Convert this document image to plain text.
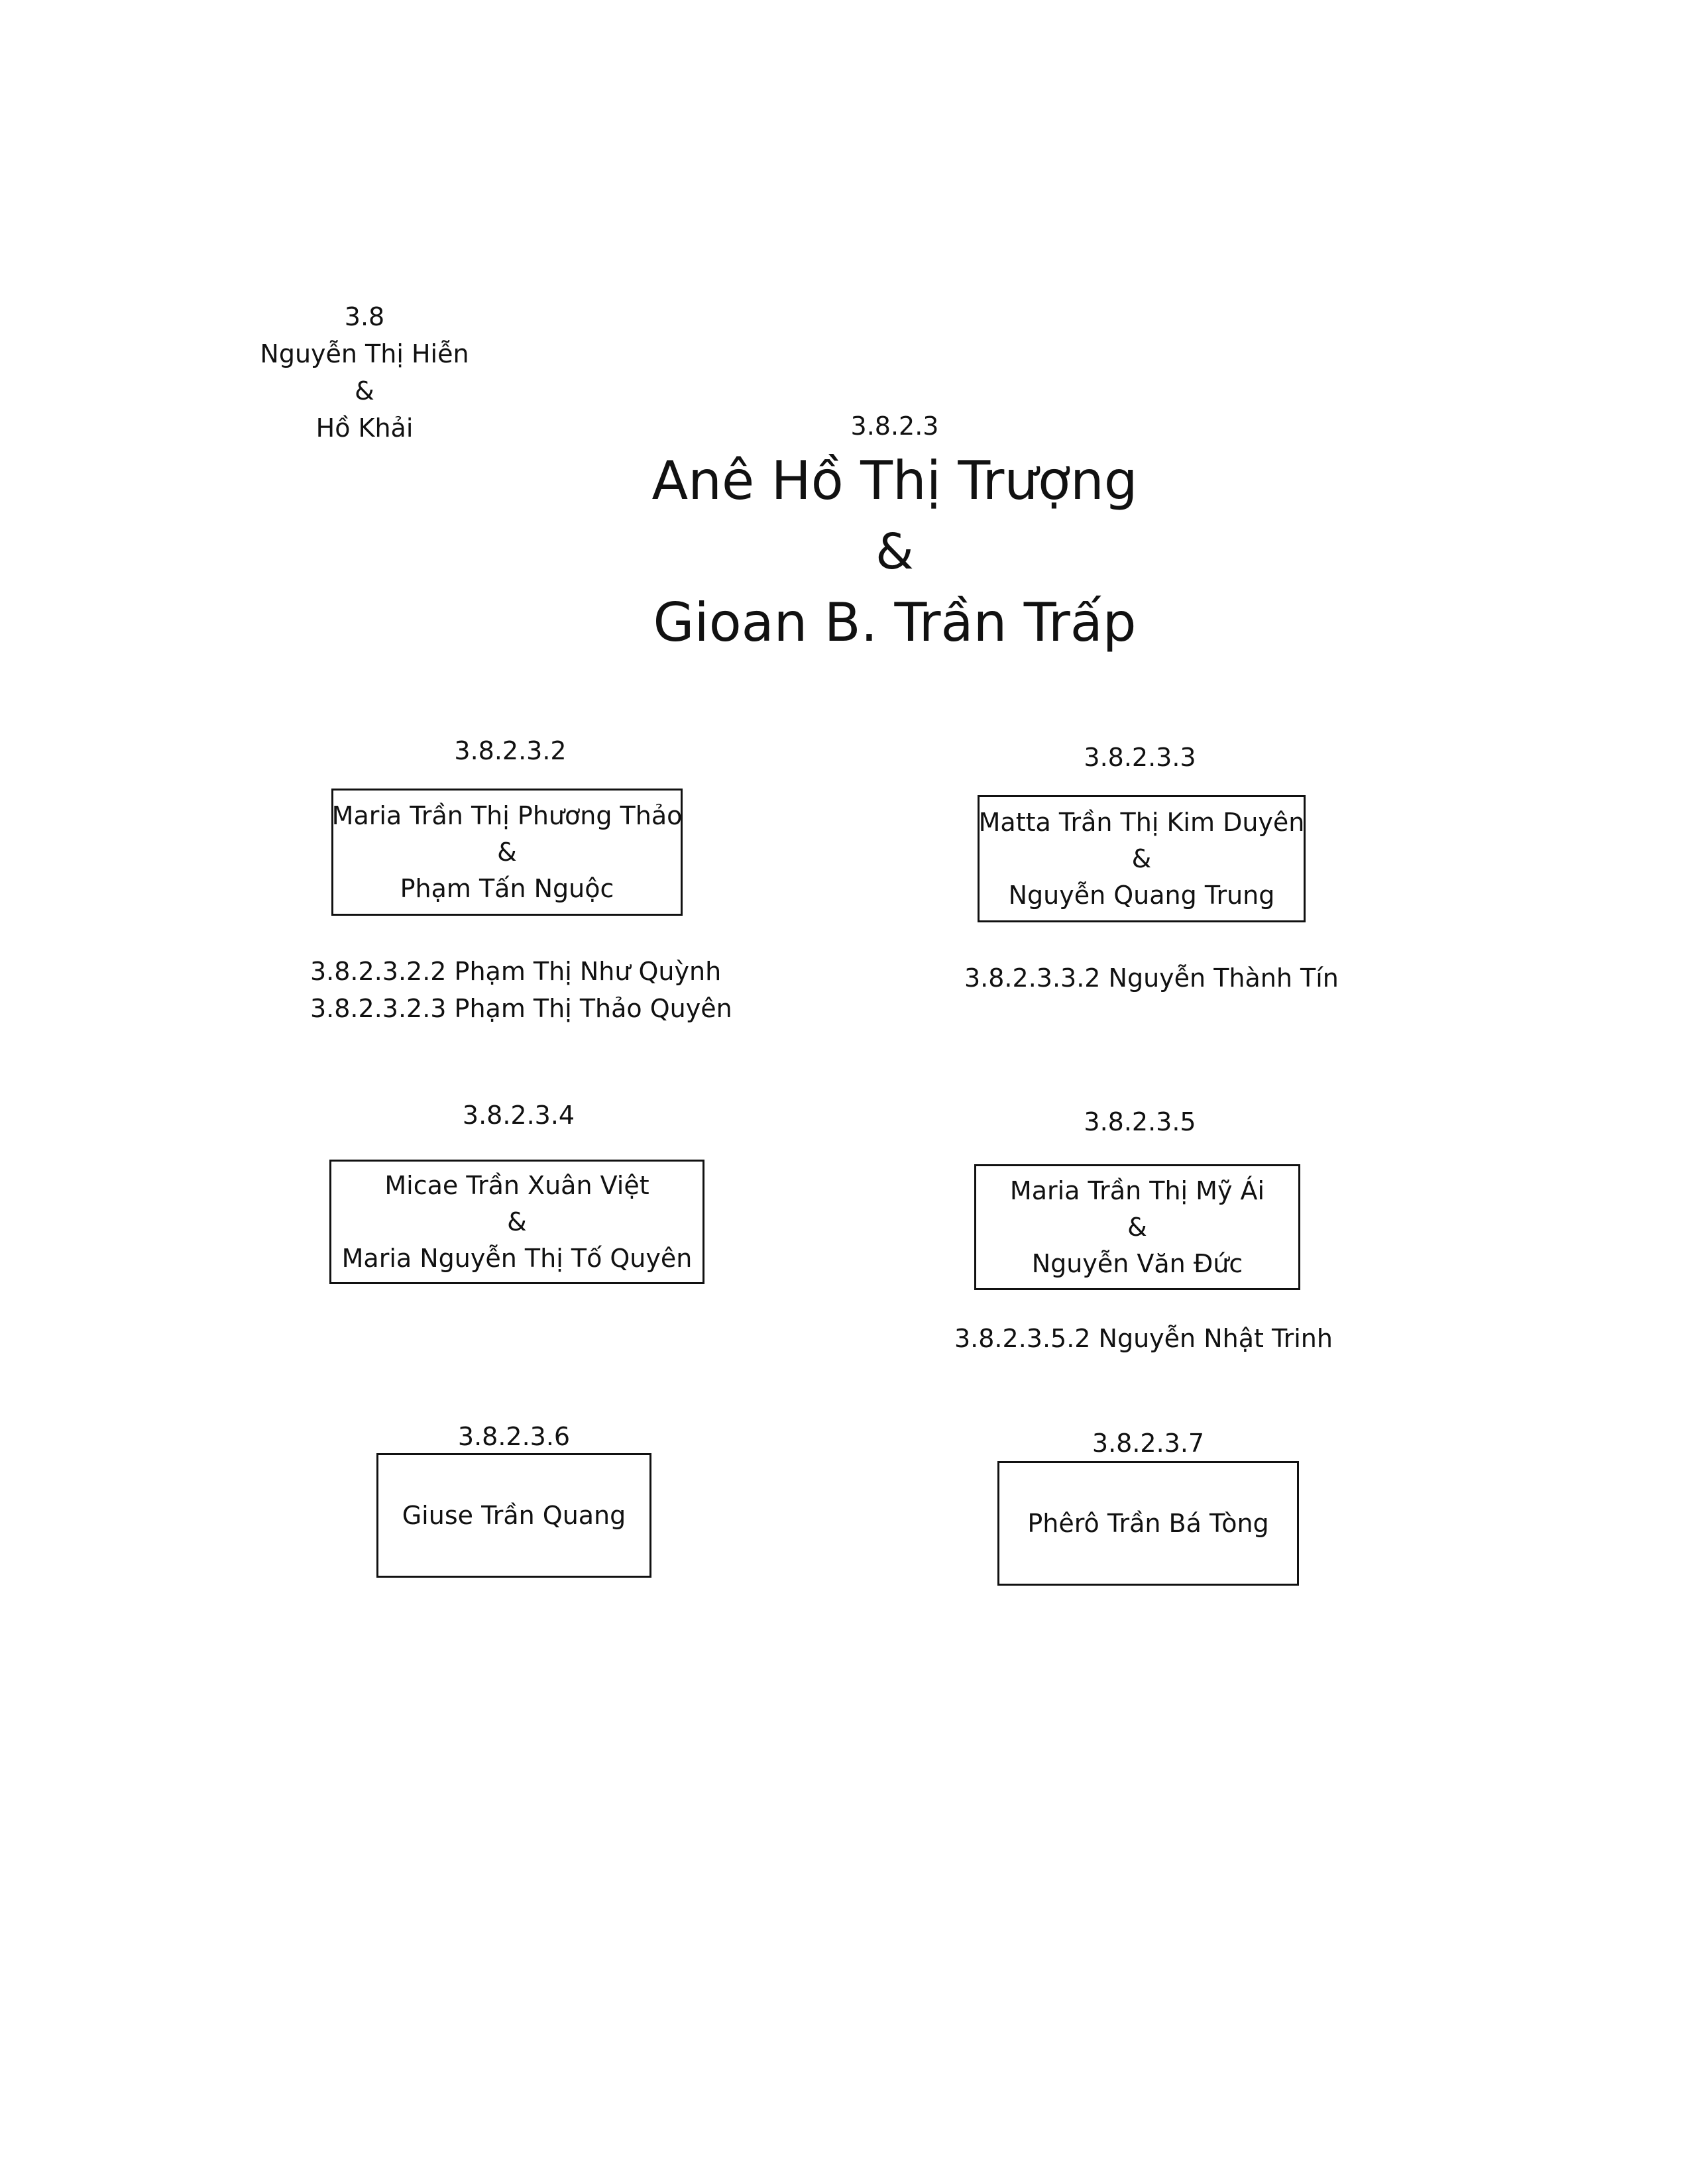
3.8
Nguyễn Thị Hiễn
&
Hồ Khải	3.8.2.3
Anê Hồ Thị Trượng
&
Gioan B. Trần Trấp
3.8.2.3.2
Maria Trần Thị Phương Thảo
&
Phạm Tấn Nguộc
3.8.2.3.2.2 Phạm Thị Như Quỳnh
3.8.2.3.2.3 Phạm Thị Thảo Quyên
3.8.2.3.3
Matta Trần Thị Kim Duyên
&
Nguyễn Quang Trung
3.8.2.3.3.2 Nguyễn Thành Tín
3.8.2.3.4
Micae Trần Xuân Việt
&
Maria Nguyễn Thị Tố Quyên
3.8.2.3.5
Maria Trần Thị Mỹ Ái
&
Nguyễn Văn Đức
3.8.2.3.5.2 Nguyễn Nhật Trinh
3.8.2.3.6
Giuse Trần Quang
3.8.2.3.7
Phêrô Trần Bá Tòng
